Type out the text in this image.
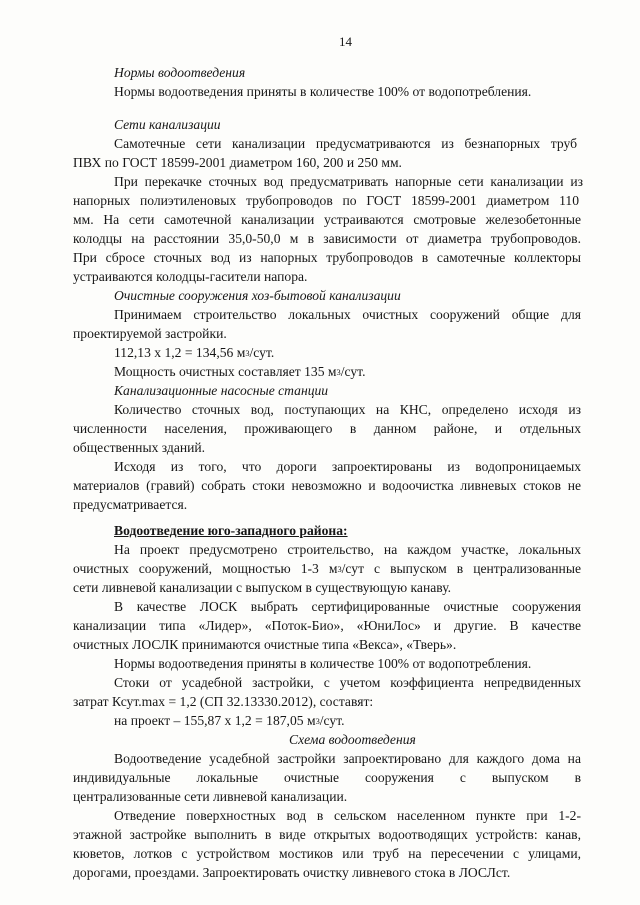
14
Нормы водоотведения
Нормы водоотведения приняты в количестве 100% от водопотребления.
Сети канализации
Самотечные сети канализации предусматриваются из безнапорных труб
ПВХ по ГОСТ 18599-2001 диаметром 160, 200 и 250 мм.
При перекачке сточных вод предусматривать напорные сети канализации из
напорных полиэтиленовых трубопроводов по ГОСТ 18599-2001 диаметром 110
мм. На сети самотечной канализации устраиваются смотровые железобетонные
колодцы на расстоянии 35,0-50,0 м в зависимости от диаметра трубопроводов.
При сбросе сточных вод из напорных трубопроводов в самотечные коллекторы
устраиваются колодцы-гасители напора.
Очистные сооружения хоз-бытовой канализации
Принимаем строительство локальных очистных сооружений общие для
проектируемой застройки.
112,13 х 1,2 = 134,56 $м^3$/сут.
Мощность очистных составляет 135 $м^3$/сут.
Канализационные насосные станции
Количество сточных вод, поступающих на КНС, определено исходя из
численности населения, проживающего в данном районе, и отдельных
общественных зданий.
Исходя из того, что дороги запроектированы из водопроницаемых
материалов (гравий) собрать стоки невозможно и водоочистка ливневых стоков не
предусматривается.
Водоотведение юго-западного района:
На проект предусмотрено строительство, на каждом участке, локальных
очистных сооружений, мощностью 1-3 $м^3$/сут с выпуском в централизованные
сети ливневой канализации с выпуском в существующую канаву.
В качестве ЛОСК выбрать сертифицированные очистные сооружения
канализации типа «Лидер», «Поток-Био», «ЮниЛос» и другие. В качестве
очистных ЛОСЛК принимаются очистные типа «Векса», «Тверь».
Нормы водоотведения приняты в количестве 100% от водопотребления.
Стоки от усадебной застройки, с учетом коэффициента непредвиденных
затрат Ксут.max = 1,2 (СП 32.13330.2012), составят:
на проект – 155,87 х 1,2 = 187,05 $м^3$/сут.
Схема водоотведения
Водоотведение усадебной застройки запроектировано для каждого дома на
индивидуальные локальные очистные сооружения с выпуском в
централизованные сети ливневой канализации.
Отведение поверхностных вод в сельском населенном пункте при 1-2-
этажной застройке выполнить в виде открытых водоотводящих устройств: канав,
кюветов, лотков с устройством мостиков или труб на пересечении с улицами,
дорогами, проездами. Запроектировать очистку ливневого стока в ЛОСЛст.
